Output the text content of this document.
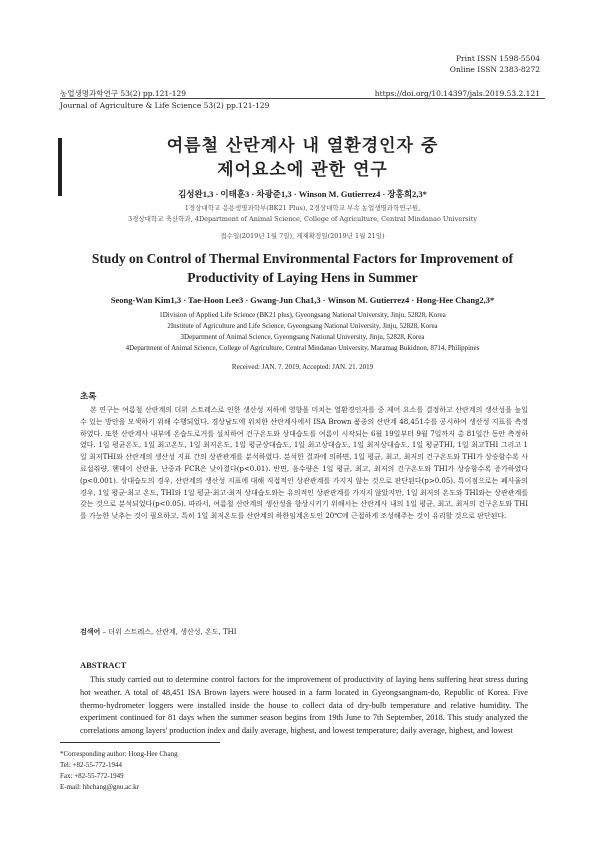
Print ISSN 1598-5504
Online ISSN 2383-8272
농업생명과학연구 53(2) pp.121-129	https://doi.org/10.14397/jals.2019.53.2.121
Journal of Agriculture & Life Science 53(2) pp.121-129
여름철 산란계사 내 열환경인자 중
제어요소에 관한 연구
김성완1,3 · 이태훈3 · 차광준1,3 · Winson M. Gutierrez4 · 장홍희2,3*
1경상대학교 응용생명과학부(BK21 Plus), 2경상대학교 부속 농업생명과학연구원,
3경상대학교 축산학과, 4Department of Animal Science, College of Agriculture, Central Mindanao University
접수일(2019년 1월 7일), 게재확정일(2019년 1월 21일)
Study on Control of Thermal Environmental Factors for Improvement of
Productivity of Laying Hens in Summer
Seong-Wan Kim1,3 · Tae-Hoon Lee3 · Gwang-Jun Cha1,3 · Winson M. Gutierrez4 · Hong-Hee Chang2,3*
1Division of Applied Life Science (BK21 plus), Gyeongsang National University, Jinju, 52828, Korea
2Institute of Agriculture and Life Science, Gyeongsang National University, Jinju, 52828, Korea
3Department of Animal Science, Gyeongsang National University, Jinju, 52828, Korea
4Department of Animal Science, College of Agriculture, Central Mindanao University, Maramag Bukidnon, 8714, Philippines
Received: JAN. 7. 2019, Accepted: JAN. 21. 2019
초록
본 연구는 여름철 산란계의 더위 스트레스로 인한 생산성 저하에 영향을 미치는 열환경인자를 중 제어 요소를 결정하고 산란계의 생산성을 높일 수 있는 방안을 모색하기 위해 수행되었다. 경상남도에 위치한 산란계사에서 ISA Brown 품종의 산란계 48,451수를 공시하여 생산성 지표를 측정하였다. 또한 산란계사 내부에 온습도로거를 설치하여 건구온도와 상대습도를 여름이 시작되는 6월 19일부터 9월 7일까지 총 81일간 동안 측정하였다. 1일 평균온도, 1일 최고온도, 1일 최저온도, 1일 평균상대습도, 1일 최고상대습도, 1일 최저상대습도, 1일 평균THI, 1일 최고THI 그리고 1일 최저THI와 산란계의 생산성 지표 간의 상관관계를 분석하였다. 분석한 결과에 의하면, 1일 평균, 최고, 최저의 건구온도와 THI가 상승함수록 사료섭취량, 헨데이 산란율, 난중과 FCR은 낮아졌다(p<0.01). 반면, 음수량은 1일 평균, 최고, 최저의 건구온도와 THI가 상승함수록 증가하였다(p<0.001). 상대습도의 경우, 산란계의 생산성 지표에 대해 직접적인 상관관계를 가지지 않는 것으로 판단된다(p>0.05). 특이점으로는 폐사율의 경우, 1일 평균·최고 온도, THI와 1일 평균·최고·최저 상대습도와는 유의적인 상관관계를 가지지 않았지만, 1일 최저의 온도와 THI와는 상관관계를 갖는 것으로 분석되었다(p<0.05). 따라서, 여름철 산란계의 생산성을 향상시키기 위해서는 산란계사 내의 1일 평균, 최고, 최저의 건구온도와 THI를 가능한 낮추는 것이 필요하고, 특히 1일 최저온도를 산란계의 하한임계온도인 20℃에 근접하게 조성해주는 것이 유리할 것으로 판단된다.
검색어 – 더위 스트레스, 산란계, 생산성, 온도, THI
ABSTRACT
This study carried out to determine control factors for the improvement of productivity of laying hens suffering heat stress during hot weather. A total of 48,451 ISA Brown layers were housed in a farm located in Gyeongsangnam-do, Republic of Korea. Five thermo-hydrometer loggers were installed inside the house to collect data of dry-bulb temperature and relative humidity. The experiment continued for 81 days when the summer season begins from 19th June to 7th September, 2018. This study analyzed the correlations among layers' production index and daily average, highest, and lowest temperature; daily average, highest, and lowest
*Corresponding author: Hong-Hee Chang
Tel: +82-55-772-1944
Fax: +82-55-772-1949
E-mail: hhchang@gnu.ac.kr
